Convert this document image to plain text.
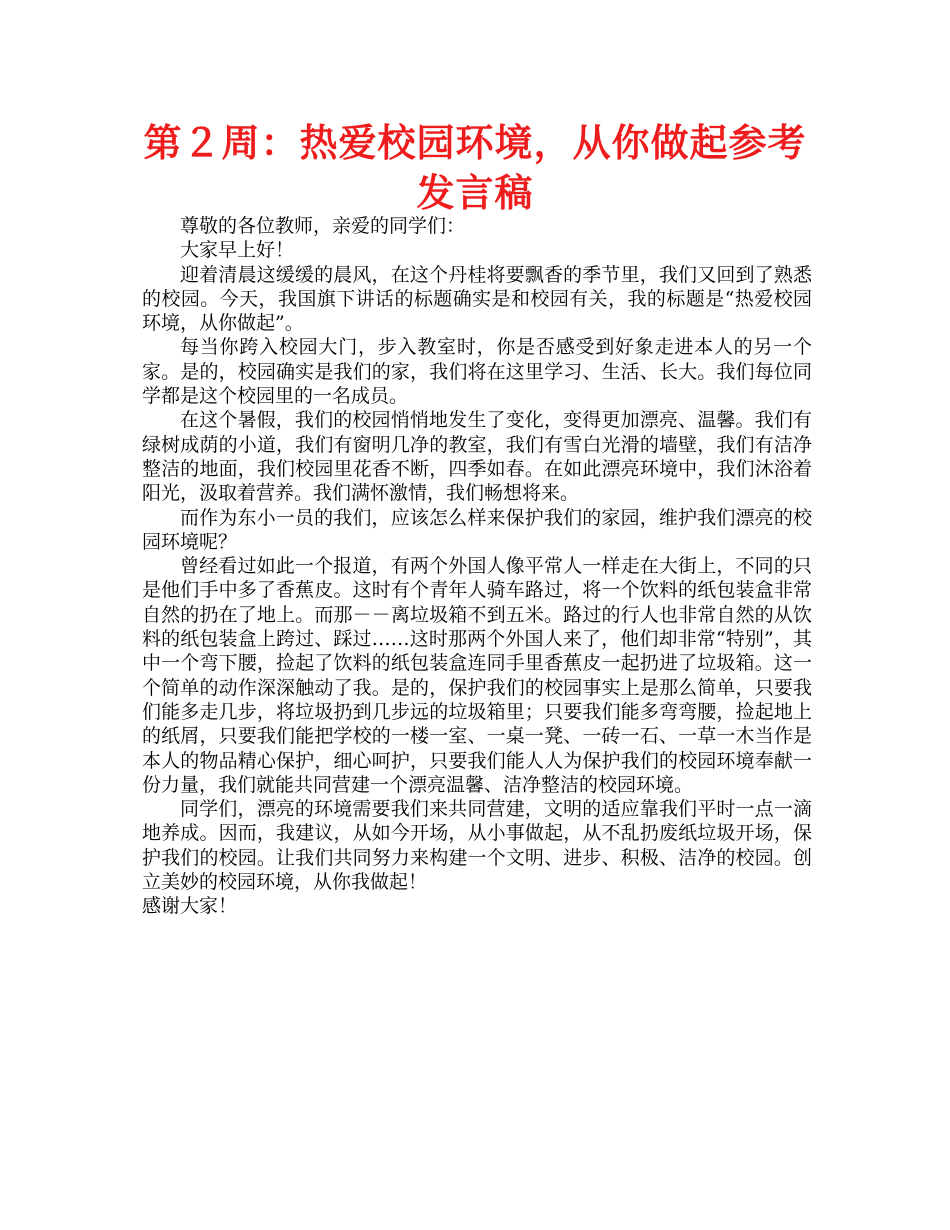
第２周：热爱校园环境，从你做起参考发言稿

尊敬的各位教师，亲爱的同学们：

大家早上好！

迎着清晨这缓缓的晨风，在这个丹桂将要飘香的季节里，我们又回到了熟悉的校园。今天，我国旗下讲话的标题确实是和校园有关，我的标题是“热爱校园环境，从你做起”。

每当你跨入校园大门，步入教室时，你是否感受到好象走进本人的另一个家。是的，校园确实是我们的家，我们将在这里学习、生活、长大。我们每位同学都是这个校园里的一名成员。

在这个暑假，我们的校园悄悄地发生了变化，变得更加漂亮、温馨。我们有绿树成荫的小道，我们有窗明几净的教室，我们有雪白光滑的墙壁，我们有洁净整洁的地面，我们校园里花香不断，四季如春。在如此漂亮环境中，我们沐浴着阳光，汲取着营养。我们满怀激情，我们畅想将来。

而作为东小一员的我们，应该怎么样来保护我们的家园，维护我们漂亮的校园环境呢？

曾经看过如此一个报道，有两个外国人像平常人一样走在大街上，不同的只是他们手中多了香蕉皮。这时有个青年人骑车路过，将一个饮料的纸包装盒非常自然的扔在了地上。而那－－离垃圾箱不到五米。路过的行人也非常自然的从饮料的纸包装盒上跨过、踩过……这时那两个外国人来了，他们却非常“特别”，其中一个弯下腰，捡起了饮料的纸包装盒连同手里香蕉皮一起扔进了垃圾箱。这一个简单的动作深深触动了我。是的，保护我们的校园事实上是那么简单，只要我们能多走几步，将垃圾扔到几步远的垃圾箱里；只要我们能多弯弯腰，捡起地上的纸屑，只要我们能把学校的一楼一室、一桌一凳、一砖一石、一草一木当作是本人的物品精心保护，细心呵护，只要我们能人人为保护我们的校园环境奉献一份力量，我们就能共同营建一个漂亮温馨、洁净整洁的校园环境。

同学们，漂亮的环境需要我们来共同营建，文明的适应靠我们平时一点一滴地养成。因而，我建议，从如今开场，从小事做起，从不乱扔废纸垃圾开场，保护我们的校园。让我们共同努力来构建一个文明、进步、积极、洁净的校园。创立美妙的校园环境，从你我做起！

感谢大家！
